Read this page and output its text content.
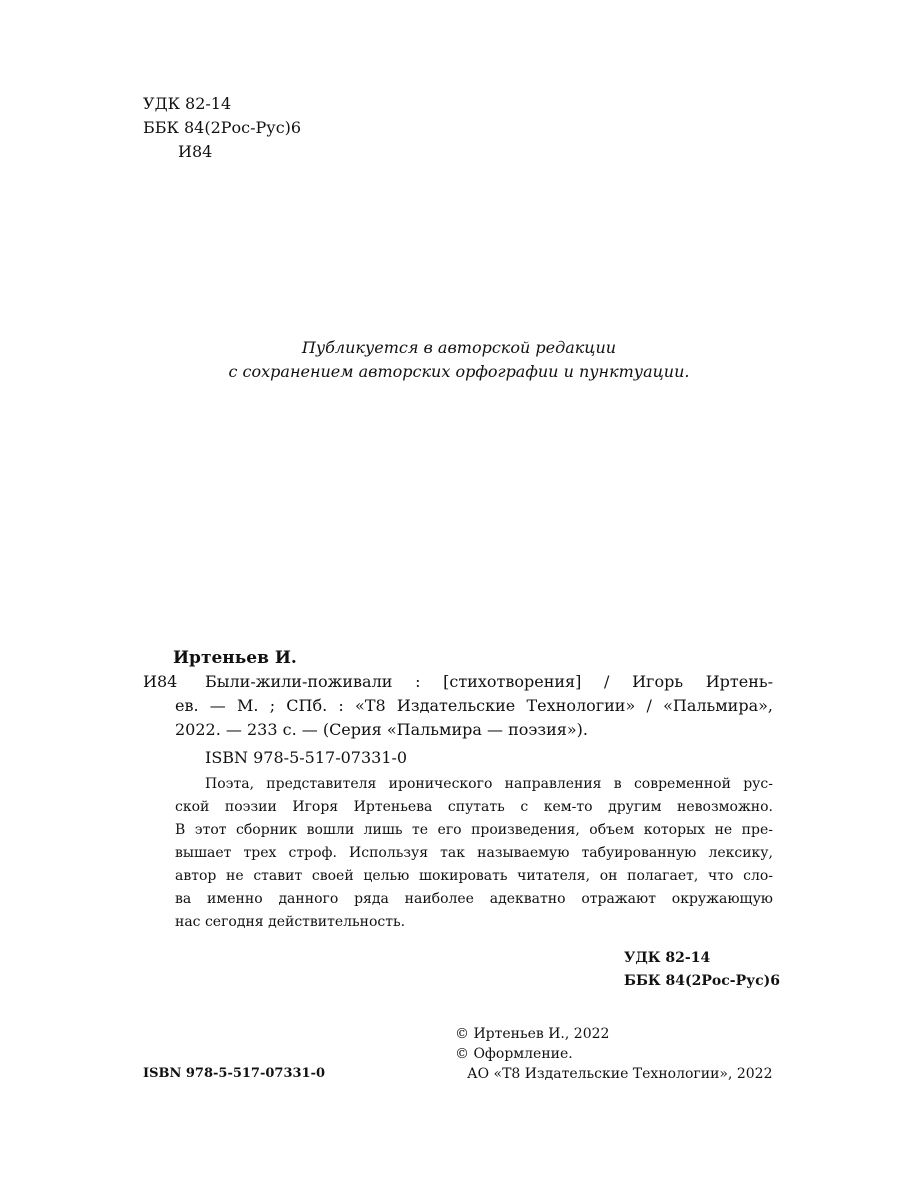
УДК 82-14
ББК 84(2Рос-Рус)6
И84
Публикуется в авторской редакции
с сохранением авторских орфографии и пунктуации.
Иртеньев И.
И84 Были-жили-поживали : [стихотворения] / Игорь Иртень-
ев. — М. ; СПб. : «Т8 Издательские Технологии» / «Пальмира»,
2022. — 233 с. — (Серия «Пальмира — поэзия»).
ISBN 978-5-517-07331-0
Поэта, представителя иронического направления в современной рус-
ской поэзии Игоря Иртеньева спутать с кем-то другим невозможно.
В этот сборник вошли лишь те его произведения, объем которых не пре-
вышает трех строф. Используя так называемую табуированную лексику,
автор не ставит своей целью шокировать читателя, он полагает, что сло-
ва именно данного ряда наиболее адекватно отражают окружающую
нас сегодня действительность.
УДК 82-14
ББК 84(2Рос-Рус)6
ISBN 978-5-517-07331-0
© Иртеньев И., 2022
© Оформление.
АО «Т8 Издательские Технологии», 2022
